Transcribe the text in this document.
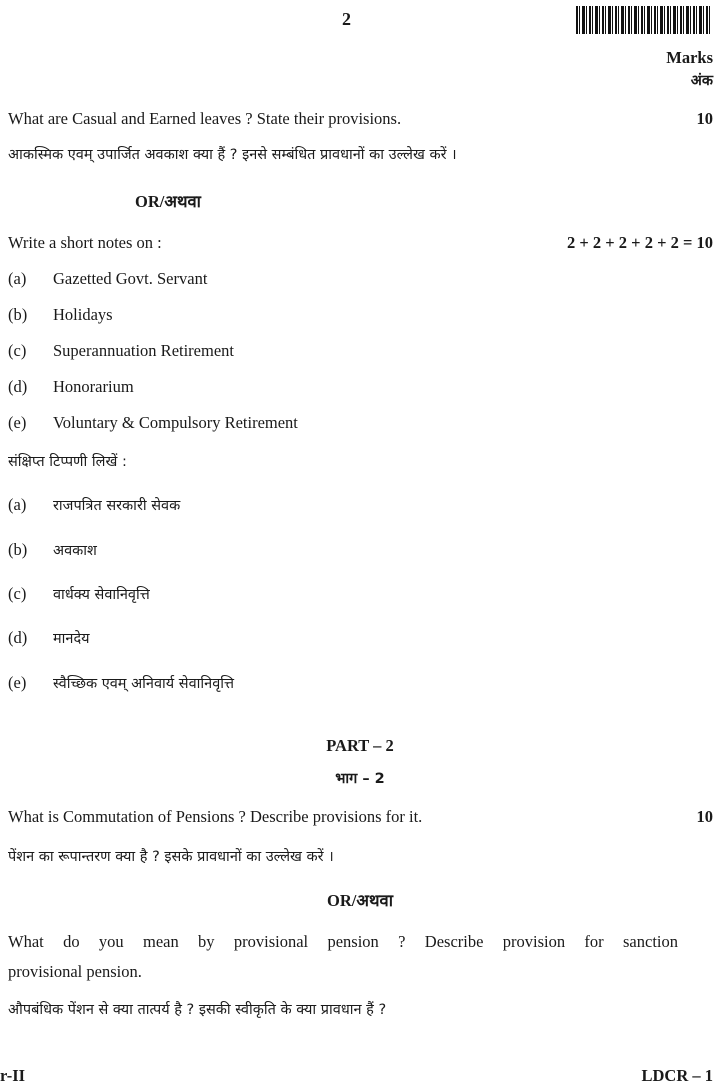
2
Marks
अंक
What are Casual and Earned leaves ? State their provisions.	10
आकस्मिक एवम् उपार्जित अवकाश क्या हैं ? इनसे सम्बंधित प्रावधानों का उल्लेख करें ।
OR/अथवा
Write a short notes on :	2 + 2 + 2 + 2 + 2 = 10
(a) Gazetted Govt. Servant
(b) Holidays
(c) Superannuation Retirement
(d) Honorarium
(e) Voluntary & Compulsory Retirement
संक्षिप्त टिप्पणी लिखें :
(a) राजपत्रित सरकारी सेवक
(b) अवकाश
(c) वार्धक्य सेवानिवृत्ति
(d) मानदेय
(e) स्वैच्छिक एवम् अनिवार्य सेवानिवृत्ति
PART – 2
भाग – 2
What is Commutation of Pensions ? Describe provisions for it.	10
पेंशन का रूपान्तरण क्या है ? इसके प्रावधानों का उल्लेख करें ।
OR/अथवा
What do you mean by provisional pension ? Describe provision for sanction
provisional pension.
औपबंधिक पेंशन से क्या तात्पर्य है ? इसकी स्वीकृति के क्या प्रावधान हैं ?
r-II	LDCR – 1
